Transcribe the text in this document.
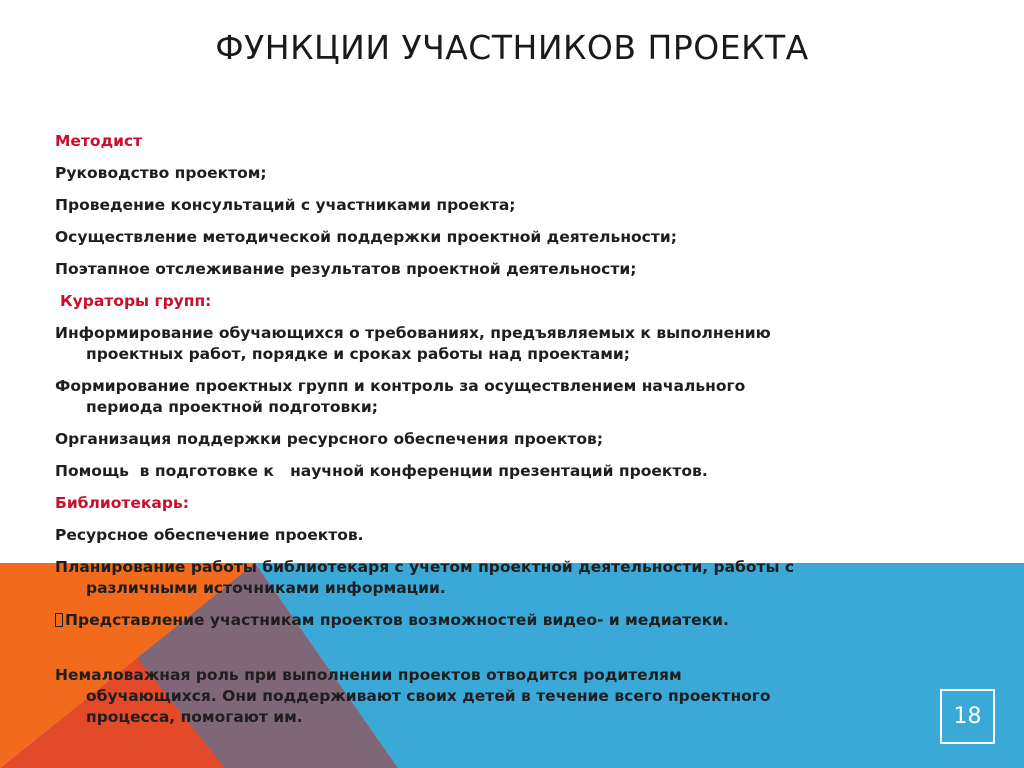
ФУНКЦИИ УЧАСТНИКОВ ПРОЕКТА
Методист
Руководство проектом;
Проведение консультаций с участниками проекта;
Осуществление методической поддержки проектной деятельности;
Поэтапное отслеживание результатов проектной деятельности;
Кураторы групп:
Информирование обучающихся о требованиях, предъявляемых к выполнению
проектных работ, порядке и сроках работы над проектами;
Формирование проектных групп и контроль за осуществлением начального
периода проектной подготовки;
Организация поддержки ресурсного обеспечения проектов;
Помощь  в подготовке к   научной конференции презентаций проектов.
Библиотекарь:
Ресурсное обеспечение проектов.
Планирование работы библиотекаря с учетом проектной деятельности, работы с
различными источниками информации.
Представление участникам проектов возможностей видео- и медиатеки.
Немаловажная роль при выполнении проектов отводится родителям
обучающихся. Они поддерживают своих детей в течение всего проектного
процесса, помогают им.	18
